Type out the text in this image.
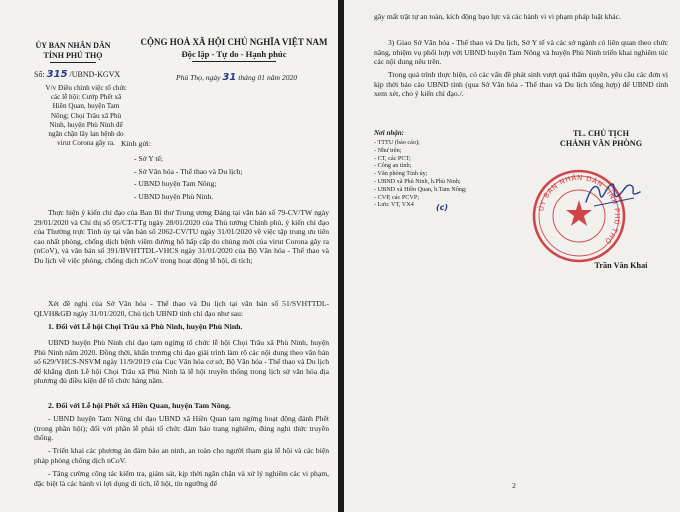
ỦY BAN NHÂN DÂN
TỈNH PHÚ THỌ
Số: 315 /UBND-KGVX
V/v Điều chỉnh việc tổ chức
các lễ hội: Cướp Phết xã
Hiền Quan, huyện Tam
Nông; Chọi Trâu xã Phù
Ninh, huyện Phù Ninh để
ngăn chặn lây lan bệnh do
virut Corona gây ra.
CỘNG HOÀ XÃ HỘI CHỦ NGHĨA VIỆT NAM
Độc lập - Tự do - Hạnh phúc
Phú Thọ, ngày 31 tháng 01 năm 2020
Kính gửi:
- Sở Y tế;
- Sở Văn hóa - Thể thao và Du lịch;
- UBND huyện Tam Nông;
- UBND huyện Phù Ninh.
Thực hiện ý kiến chỉ đạo của Ban Bí thư Trung ương Đảng tại văn bản số 79-CV/TW ngày 29/01/2020 và Chỉ thị số 05/CT-TTg ngày 28/01/2020 của Thủ tướng Chính phủ, ý kiến chỉ đạo của Thường trực Tỉnh ủy tại văn bản số 2062-CV/TU ngày 31/01/2020 về việc tập trung ưu tiên cao nhất phòng, chống dịch bệnh viêm đường hô hấp cấp do chủng mới của virut Corona gây ra (nCoV), và văn bản số 391/BVHTTDL-VHCS ngày 31/01/2020 của Bộ Văn hóa - Thể thao và Du lịch về việc phòng, chống dịch nCoV trong hoạt động lễ hội, di tích;
Xét đề nghị của Sở Văn hóa - Thể thao và Du lịch tại văn bản số 51/SVHTTDL-QLVH&GĐ ngày 31/01/2020, Chủ tịch UBND tỉnh chỉ đạo như sau:
1. Đối với Lễ hội Chọi Trâu xã Phù Ninh, huyện Phù Ninh.
UBND huyện Phù Ninh chỉ đạo tạm ngừng tổ chức lễ hội Chọi Trâu xã Phù Ninh, huyện Phù Ninh năm 2020. Đồng thời, khẩn trương chỉ đạo giải trình làm rõ các nội dung theo văn bản số 629/VHCS-NSVM ngày 11/9/2019 của Cục Văn hóa cơ sở, Bộ Văn hóa - Thể thao và Du lịch để khẳng định Lễ hội Chọi Trâu xã Phù Ninh là lễ hội truyền thống trong lịch sử văn hóa địa phương đủ điều kiện để tổ chức hàng năm.
2. Đối với Lễ hội Phết xã Hiền Quan, huyện Tam Nông.
- UBND huyện Tam Nông chỉ đạo UBND xã Hiền Quan tạm ngừng hoạt động đánh Phết (trong phần hội); đối với phần lễ phải tổ chức đảm bảo trang nghiêm, đúng nghi thức truyền thống.
- Triển khai các phương án đảm bảo an ninh, an toàn cho người tham gia lễ hội và các biện pháp phòng chống dịch nCoV.
- Tăng cường công tác kiểm tra, giám sát, kịp thời ngăn chặn và xử lý nghiêm các vi phạm, đặc biệt là các hành vi lợi dụng di tích, lễ hội, tín ngưỡng để
gây mất trật tự an toàn, kích động bạo lực và các hành vi vi phạm pháp luật khác.
3) Giao Sở Văn hóa - Thể thao và Du lịch, Sở Y tế và các sở ngành có liên quan theo chức năng, nhiệm vụ phối hợp với UBND huyện Tam Nông và huyện Phù Ninh triển khai nghiêm túc các nội dung nêu trên.
Trong quá trình thực hiện, có các vấn đề phát sinh vượt quá thẩm quyền, yêu cầu các đơn vị kịp thời báo cáo UBND tỉnh (qua Sở Văn hóa - Thể thao và Du lịch tổng hợp) để UBND tỉnh xem xét, cho ý kiến chỉ đạo./.
Nơi nhận:
- TTTU (báo cáo);
- Như trên;
- CT, các PCT;
- Công an tỉnh;
- Văn phòng Tỉnh ủy;
- UBND xã Phù Ninh, h.Phù Ninh;
- UBND xã Hiền Quan, h.Tam Nông;
- CVP, các PCVP;
- Lưu: VT, VX4	(c)
TL. CHỦ TỊCH
CHÁNH VĂN PHÒNG
ỦY BAN NHÂN DÂN TỈNH PHÚ THỌ
Trần Văn Khai
2
